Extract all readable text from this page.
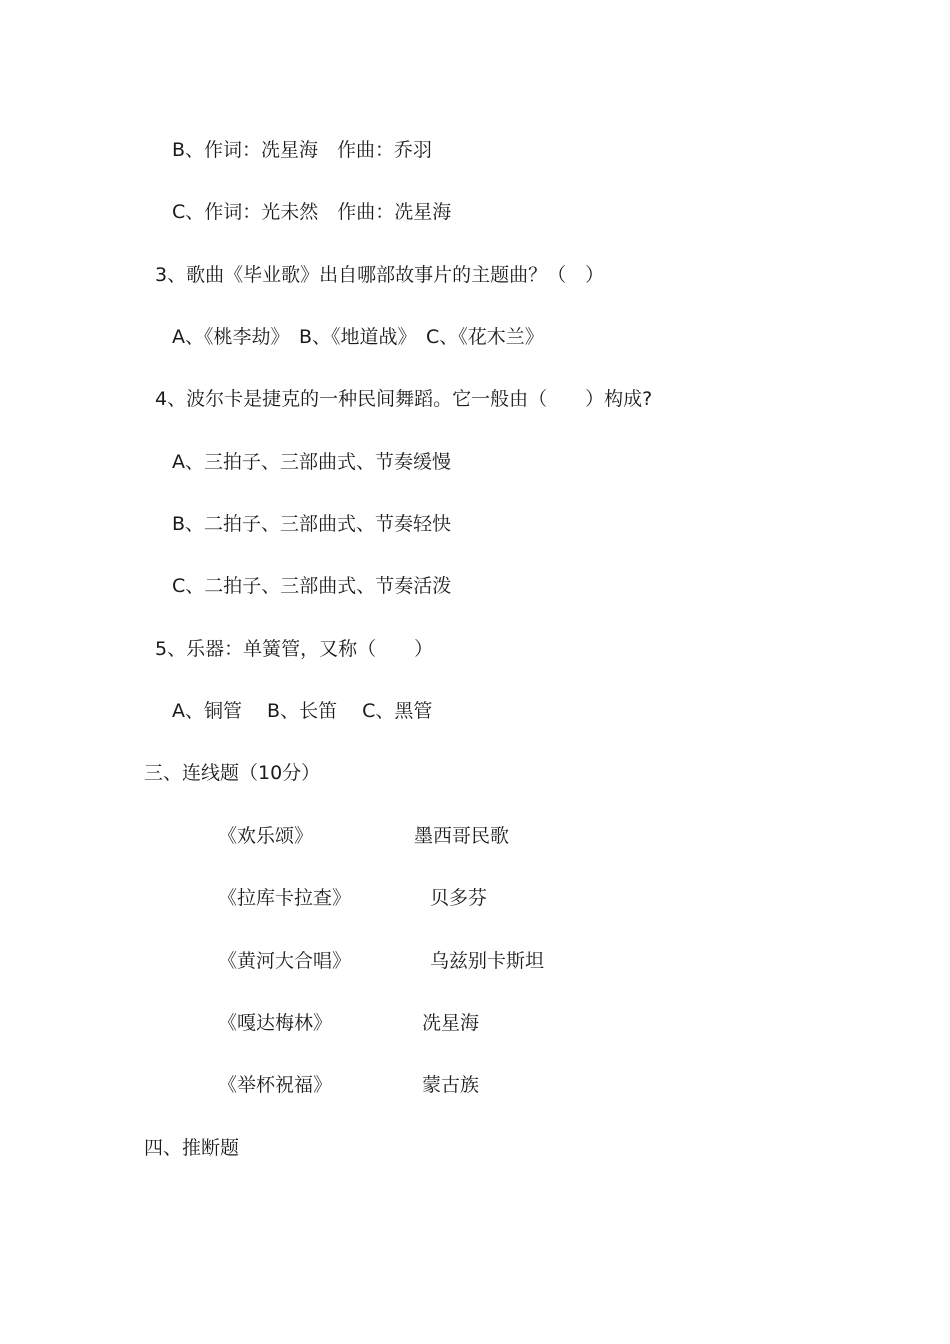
B、作词：冼星海　作曲：乔羽
C、作词：光未然　作曲：冼星海
3、歌曲《毕业歌》出自哪部故事片的主题曲？（　）
A、《桃李劫》　B、《地道战》　C、《花木兰》
4、波尔卡是捷克的一种民间舞蹈。它一般由（　　）构成?
A、三拍子、三部曲式、节奏缓慢
B、二拍子、三部曲式、节奏轻快
C、二拍子、三部曲式、节奏活泼
5、乐器：单簧管，又称（　　）
A、铜管　 B、长笛　 C、黑管
三、连线题（10分）
《欢乐颂》	墨西哥民歌
《拉库卡拉查》	贝多芬
《黄河大合唱》	乌兹别卡斯坦
《嘎达梅林》	冼星海
《举杯祝福》	蒙古族
四、推断题
